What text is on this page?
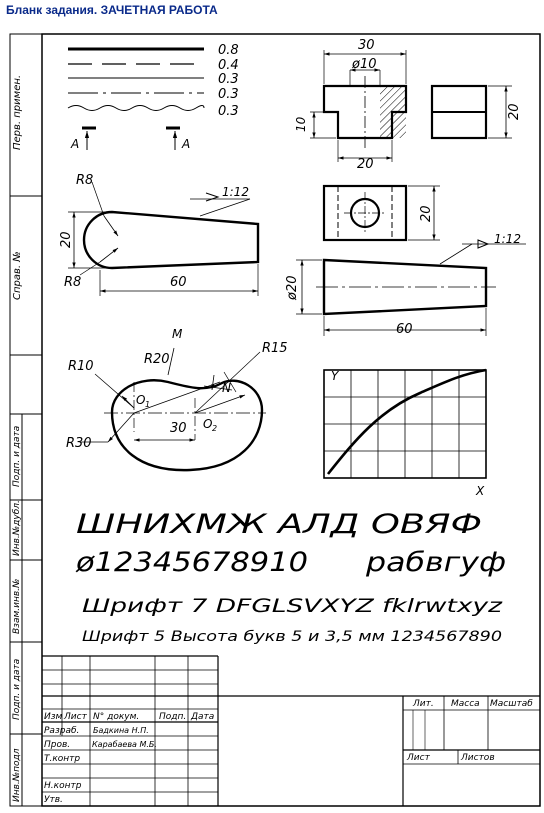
Бланк задания. ЗАЧЕТНАЯ РАБОТА
Перв. примен.
Справ. №
Подп. и дата
Инв.№дубл.
Взам.инв.№
Подп. и дата
Инв.№подл
0.8
0.4
0.3
0.3
0.3
A	A
30
ø10
10
20
20
20
R8
R8
20
60
1:12
ø20
60
1:12
M
R10	R20
R15
N
O 1
O 2
30
R30
Y
X
ШНИХМЖ АЛД ОВЯФ
ø12345678910 рабвгуф
Шрифт 7 DFGLSVXYZ fklrwtxyz
Шрифт 5 Высота букв 5 и 3,5 мм 1234567890
Изм Лист N° докум. Подп. Дата
Разраб. Бадкина Н.П.
Пров.	Карабаева М.Б.
Т.контр
Н.контр
Утв.
Лит. Масса Масштаб
Лист	Листов
